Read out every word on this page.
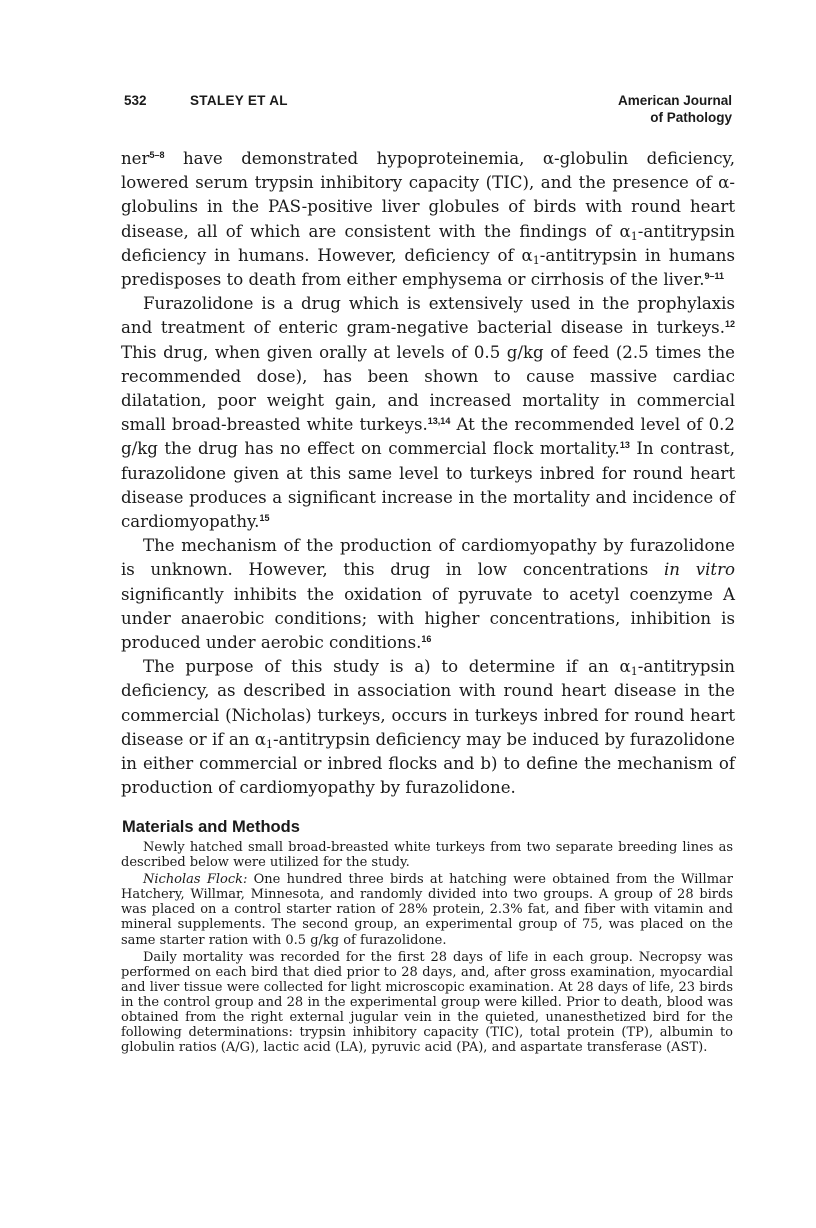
532	STALEY ET AL	American Journal
of Pathology

ner$^{5-8}$ have demonstrated hypoproteinemia, α-globulin deficiency, lowered serum trypsin inhibitory capacity (TIC), and the presence of α-globulins in the PAS-positive liver globules of birds with round heart disease, all of which are consistent with the findings of $\alpha_1$-antitrypsin deficiency in humans. However, deficiency of $\alpha_1$-antitrypsin in humans predisposes to death from either emphysema or cirrhosis of the liver.$^{9-11}$

Furazolidone is a drug which is extensively used in the prophylaxis and treatment of enteric gram-negative bacterial disease in turkeys.$^{12}$ This drug, when given orally at levels of 0.5 g/kg of feed (2.5 times the recommended dose), has been shown to cause massive cardiac dilatation, poor weight gain, and increased mortality in commercial small broad-breasted white turkeys.$^{13,14}$ At the recommended level of 0.2 g/kg the drug has no effect on commercial flock mortality.$^{13}$ In contrast, furazolidone given at this same level to turkeys inbred for round heart disease produces a significant increase in the mortality and incidence of cardiomyopathy.$^{15}$

The mechanism of the production of cardiomyopathy by furazolidone is unknown. However, this drug in low concentrations in vitro significantly inhibits the oxidation of pyruvate to acetyl coenzyme A under anaerobic conditions; with higher concentrations, inhibition is produced under aerobic conditions.$^{16}$

The purpose of this study is a) to determine if an $\alpha_1$-antitrypsin deficiency, as described in association with round heart disease in the commercial (Nicholas) turkeys, occurs in turkeys inbred for round heart disease or if an $\alpha_1$-antitrypsin deficiency may be induced by furazolidone in either commercial or inbred flocks and b) to define the mechanism of production of cardiomyopathy by furazolidone.

Materials and Methods

Newly hatched small broad-breasted white turkeys from two separate breeding lines as described below were utilized for the study.

Nicholas Flock: One hundred three birds at hatching were obtained from the Willmar Hatchery, Willmar, Minnesota, and randomly divided into two groups. A group of 28 birds was placed on a control starter ration of 28% protein, 2.3% fat, and fiber with vitamin and mineral supplements. The second group, an experimental group of 75, was placed on the same starter ration with 0.5 g/kg of furazolidone.

Daily mortality was recorded for the first 28 days of life in each group. Necropsy was performed on each bird that died prior to 28 days, and, after gross examination, myocardial and liver tissue were collected for light microscopic examination. At 28 days of life, 23 birds in the control group and 28 in the experimental group were killed. Prior to death, blood was obtained from the right external jugular vein in the quieted, unanesthetized bird for the following determinations: trypsin inhibitory capacity (TIC), total protein (TP), albumin to globulin ratios (A/G), lactic acid (LA), pyruvic acid (PA), and aspartate transferase (AST).
